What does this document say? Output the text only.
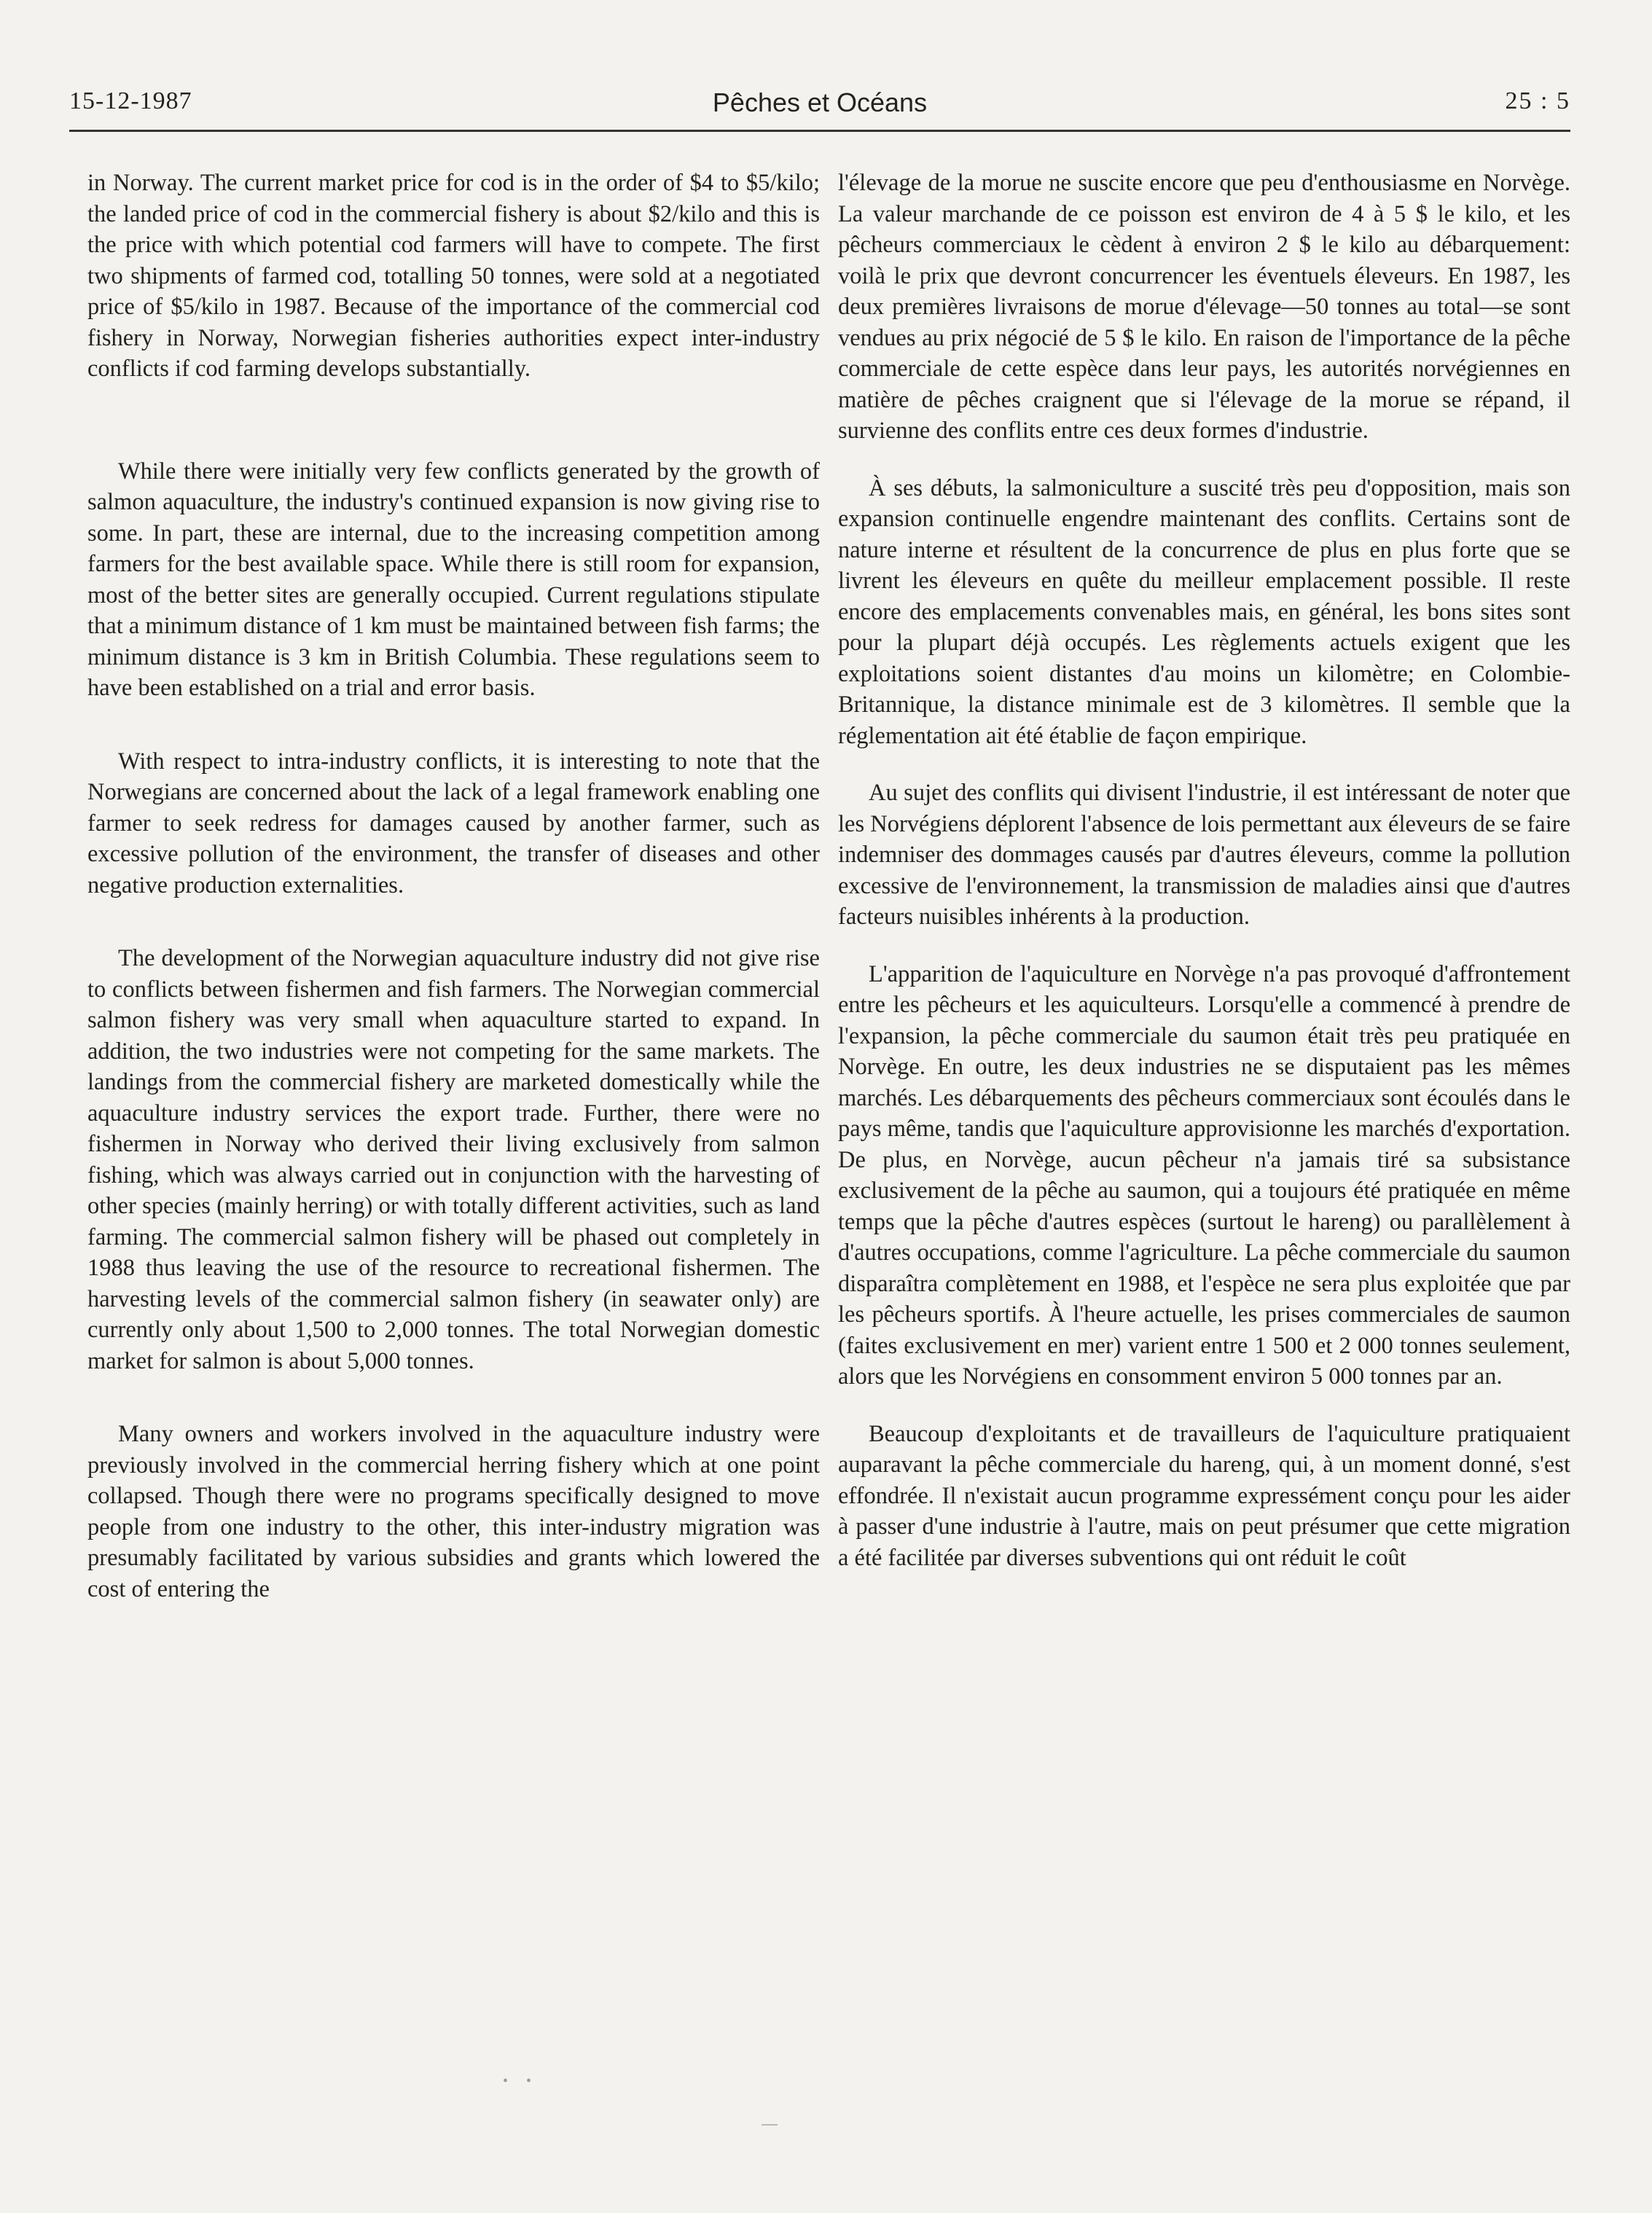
15-12-1987	Pêches et Océans	25 : 5

in Norway. The current market price for cod is in the order of $4 to $5/kilo; the landed price of cod in the commercial fishery is about $2/kilo and this is the price with which potential cod farmers will have to compete. The first two shipments of farmed cod, totalling 50 tonnes, were sold at a negotiated price of $5/kilo in 1987. Because of the importance of the commercial cod fishery in Norway, Norwegian fisheries authorities expect inter-industry conflicts if cod farming develops substantially.

While there were initially very few conflicts generated by the growth of salmon aquaculture, the industry's continued expansion is now giving rise to some. In part, these are internal, due to the increasing competition among farmers for the best available space. While there is still room for expansion, most of the better sites are generally occupied. Current regulations stipulate that a minimum distance of 1 km must be maintained between fish farms; the minimum distance is 3 km in British Columbia. These regulations seem to have been established on a trial and error basis.

With respect to intra-industry conflicts, it is interesting to note that the Norwegians are concerned about the lack of a legal framework enabling one farmer to seek redress for damages caused by another farmer, such as excessive pollution of the environment, the transfer of diseases and other negative production externalities.

The development of the Norwegian aquaculture industry did not give rise to conflicts between fishermen and fish farmers. The Norwegian commercial salmon fishery was very small when aquaculture started to expand. In addition, the two industries were not competing for the same markets. The landings from the commercial fishery are marketed domestically while the aquaculture industry services the export trade. Further, there were no fishermen in Norway who derived their living exclusively from salmon fishing, which was always carried out in conjunction with the harvesting of other species (mainly herring) or with totally different activities, such as land farming. The commercial salmon fishery will be phased out completely in 1988 thus leaving the use of the resource to recreational fishermen. The harvesting levels of the commercial salmon fishery (in seawater only) are currently only about 1,500 to 2,000 tonnes. The total Norwegian domestic market for salmon is about 5,000 tonnes.

Many owners and workers involved in the aquaculture industry were previously involved in the commercial herring fishery which at one point collapsed. Though there were no programs specifically designed to move people from one industry to the other, this inter-industry migration was presumably facilitated by various subsidies and grants which lowered the cost of entering the

l'élevage de la morue ne suscite encore que peu d'enthousiasme en Norvège. La valeur marchande de ce poisson est environ de 4 à 5 $ le kilo, et les pêcheurs commerciaux le cèdent à environ 2 $ le kilo au débarquement: voilà le prix que devront concurrencer les éventuels éleveurs. En 1987, les deux premières livraisons de morue d'élevage—50 tonnes au total—se sont vendues au prix négocié de 5 $ le kilo. En raison de l'importance de la pêche commerciale de cette espèce dans leur pays, les autorités norvégiennes en matière de pêches craignent que si l'élevage de la morue se répand, il survienne des conflits entre ces deux formes d'industrie.

À ses débuts, la salmoniculture a suscité très peu d'opposition, mais son expansion continuelle engendre maintenant des conflits. Certains sont de nature interne et résultent de la concurrence de plus en plus forte que se livrent les éleveurs en quête du meilleur emplacement possible. Il reste encore des emplacements convenables mais, en général, les bons sites sont pour la plupart déjà occupés. Les règlements actuels exigent que les exploitations soient distantes d'au moins un kilomètre; en Colombie-Britannique, la distance minimale est de 3 kilomètres. Il semble que la réglementation ait été établie de façon empirique.

Au sujet des conflits qui divisent l'industrie, il est intéressant de noter que les Norvégiens déplorent l'absence de lois permettant aux éleveurs de se faire indemniser des dommages causés par d'autres éleveurs, comme la pollution excessive de l'environnement, la transmission de maladies ainsi que d'autres facteurs nuisibles inhérents à la production.

L'apparition de l'aquiculture en Norvège n'a pas provoqué d'affrontement entre les pêcheurs et les aquiculteurs. Lorsqu'elle a commencé à prendre de l'expansion, la pêche commerciale du saumon était très peu pratiquée en Norvège. En outre, les deux industries ne se disputaient pas les mêmes marchés. Les débarquements des pêcheurs commerciaux sont écoulés dans le pays même, tandis que l'aquiculture approvisionne les marchés d'exportation. De plus, en Norvège, aucun pêcheur n'a jamais tiré sa subsistance exclusivement de la pêche au saumon, qui a toujours été pratiquée en même temps que la pêche d'autres espèces (surtout le hareng) ou parallèlement à d'autres occupations, comme l'agriculture. La pêche commerciale du saumon disparaîtra complètement en 1988, et l'espèce ne sera plus exploitée que par les pêcheurs sportifs. À l'heure actuelle, les prises commerciales de saumon (faites exclusivement en mer) varient entre 1 500 et 2 000 tonnes seulement, alors que les Norvégiens en consomment environ 5 000 tonnes par an.

Beaucoup d'exploitants et de travailleurs de l'aquiculture pratiquaient auparavant la pêche commerciale du hareng, qui, à un moment donné, s'est effondrée. Il n'existait aucun programme expressément conçu pour les aider à passer d'une industrie à l'autre, mais on peut présumer que cette migration a été facilitée par diverses subventions qui ont réduit le coût

• •
